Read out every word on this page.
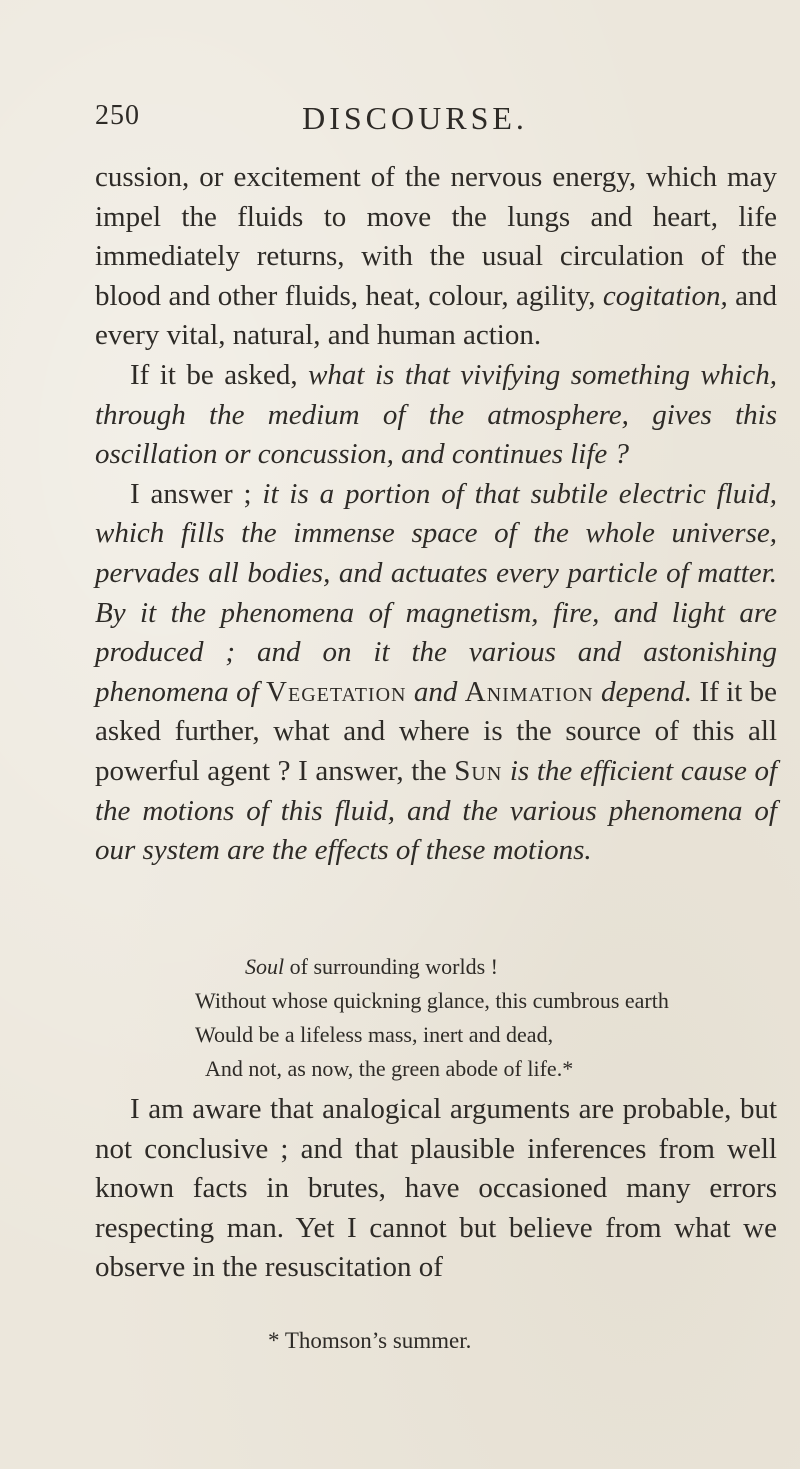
250	DISCOURSE.

cussion, or excitement of the nervous energy, which may impel the fluids to move the lungs and heart, life immediately returns, with the usual circulation of the blood and other fluids, heat, colour, agility, cogitation, and every vital, natural, and human action.

If it be asked, what is that vivifying something which, through the medium of the atmosphere, gives this oscillation or concussion, and continues life ?

I answer ; it is a portion of that subtile electric fluid, which fills the immense space of the whole universe, pervades all bodies, and actuates every particle of matter. By it the phenomena of magnetism, fire, and light are produced ; and on it the various and astonishing phenomena of Vegetation and Animation depend. If it be asked further, what and where is the source of this all powerful agent ? I answer, the Sun is the efficient cause of the motions of this fluid, and the various phenomena of our system are the effects of these motions.

Soul of surrounding worlds !
Without whose quickning glance, this cumbrous earth
Would be a lifeless mass, inert and dead,
And not, as now, the green abode of life.*

I am aware that analogical arguments are probable, but not conclusive ; and that plausible inferences from well known facts in brutes, have occasioned many errors respecting man. Yet I cannot but believe from what we observe in the resuscitation of

* Thomson’s summer.
